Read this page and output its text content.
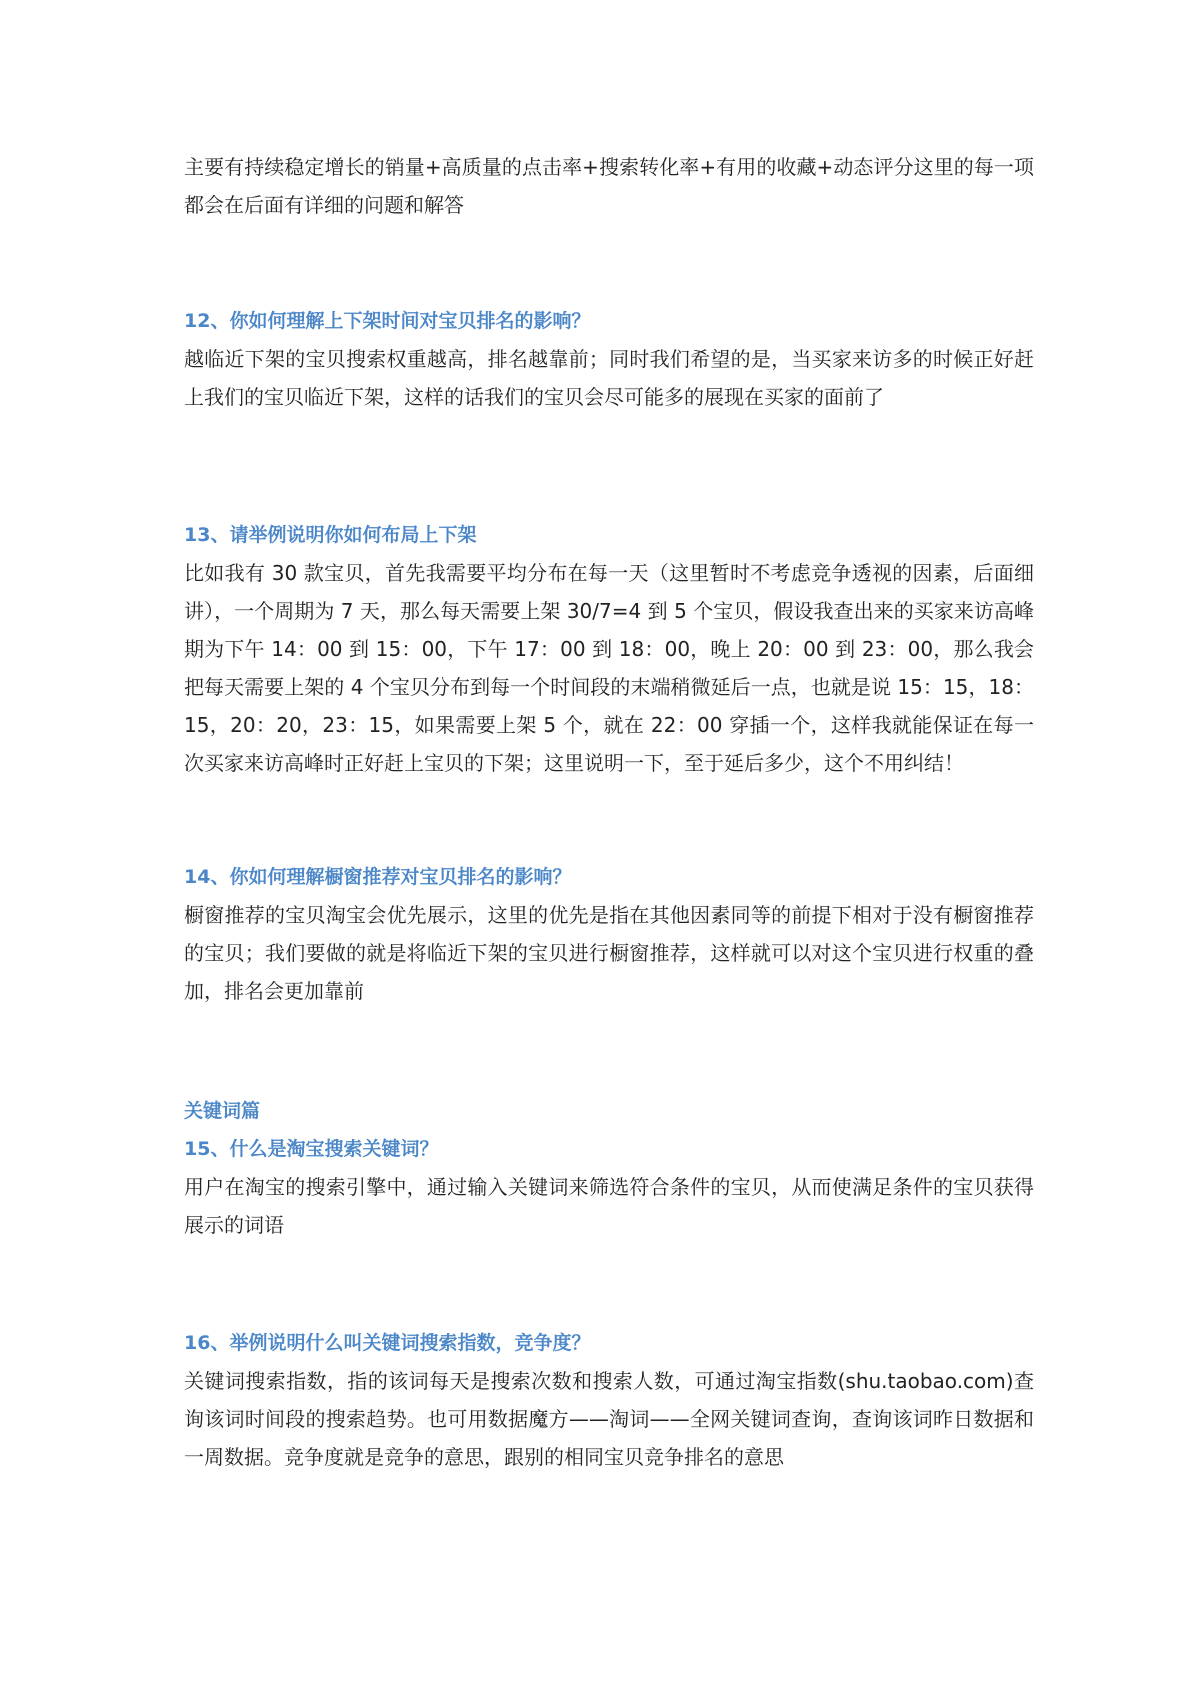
主要有持续稳定增长的销量+高质量的点击率+搜索转化率+有用的收藏+动态评分这里的每一项都会在后面有详细的问题和解答

12、你如何理解上下架时间对宝贝排名的影响？

越临近下架的宝贝搜索权重越高，排名越靠前；同时我们希望的是，当买家来访多的时候正好赶上我们的宝贝临近下架，这样的话我们的宝贝会尽可能多的展现在买家的面前了

13、请举例说明你如何布局上下架

比如我有 30 款宝贝，首先我需要平均分布在每一天（这里暂时不考虑竞争透视的因素，后面细讲），一个周期为 7 天，那么每天需要上架 30/7=4 到 5 个宝贝，假设我查出来的买家来访高峰期为下午 14：00 到 15：00，下午 17：00 到 18：00，晚上 20：00 到 23：00，那么我会把每天需要上架的 4 个宝贝分布到每一个时间段的末端稍微延后一点，也就是说 15：15，18：15，20：20，23：15，如果需要上架 5 个，就在 22：00 穿插一个，这样我就能保证在每一次买家来访高峰时正好赶上宝贝的下架；这里说明一下，至于延后多少，这个不用纠结！

14、你如何理解橱窗推荐对宝贝排名的影响？

橱窗推荐的宝贝淘宝会优先展示，这里的优先是指在其他因素同等的前提下相对于没有橱窗推荐的宝贝；我们要做的就是将临近下架的宝贝进行橱窗推荐，这样就可以对这个宝贝进行权重的叠加，排名会更加靠前

关键词篇

15、什么是淘宝搜索关键词？

用户在淘宝的搜索引擎中，通过输入关键词来筛选符合条件的宝贝，从而使满足条件的宝贝获得展示的词语

16、举例说明什么叫关键词搜索指数，竞争度？

关键词搜索指数，指的该词每天是搜索次数和搜索人数，可通过淘宝指数(shu.taobao.com)查询该词时间段的搜索趋势。也可用数据魔方——淘词——全网关键词查询，查询该词昨日数据和一周数据。竞争度就是竞争的意思，跟别的相同宝贝竞争排名的意思
